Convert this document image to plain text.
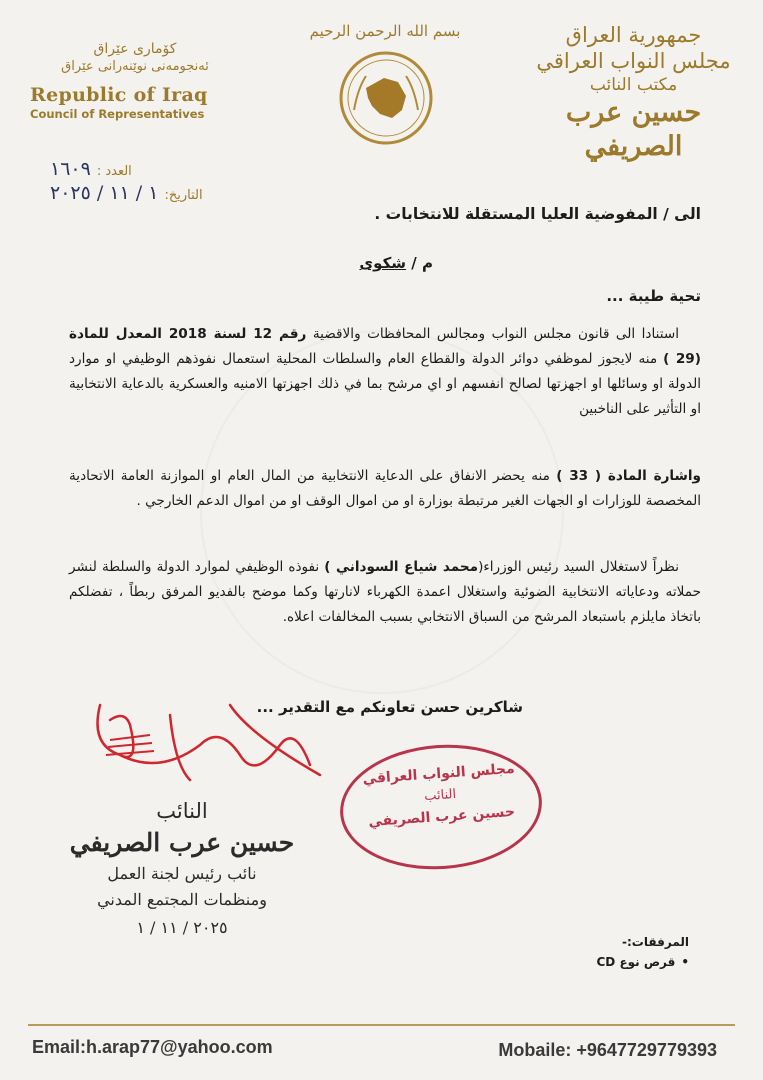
جمهورية العراق
مجلس النواب العراقي
مكتب النائب
حسين عرب الصريفي
بسم الله الرحمن الرحيم
كۆماری عێراق
ئەنجومەنی نوێنەرانی عێراق
Republic of Iraq
Council of Representatives
العدد :
١٦٠٩
التاريخ:
١ / ١١ / ٢٠٢٥
الى / المفوضية العليا المستقلة للانتخابات .
م / شكوى
تحية طيبة ...
استنادا الى قانون مجلس النواب ومجالس المحافظات والاقضية رقم 12 لسنة 2018 المعدل للمادة (29 ) منه لايجوز لموظفي دوائر الدولة والقطاع العام والسلطات المحلية استعمال نفوذهم الوظيفي او موارد الدولة او وسائلها او اجهزتها لصالح انفسهم او اي مرشح بما في ذلك اجهزتها الامنيه والعسكرية بالدعاية الانتخابية او التأثير على الناخبين
واشارة المادة ( 33 ) منه يحضر الانفاق على الدعاية الانتخابية من المال العام او الموازنة العامة الاتحادية المخصصة للوزارات او الجهات الغير مرتبطة بوزارة او من اموال الوقف او من اموال الدعم الخارجي .
نظراً لاستغلال السيد رئيس الوزراء(محمد شياع السوداني ) نفوذه الوظيفي لموارد الدولة والسلطة لنشر حملاته ودعاياته الانتخابية الضوئية واستغلال اعمدة الكهرباء لانارتها وكما موضح بالفديو المرفق ربطاً ، تفضلكم باتخاذ مايلزم باستبعاد المرشح من السباق الانتخابي بسبب المخالفات اعلاه.
شاكرين حسن تعاونكم مع التقدير ...
مجلس النواب العراقي
النائب
حسين عرب الصريفي
النائب
حسين عرب الصريفي
نائب رئيس لجنة العمل
ومنظمات المجتمع المدني
٢٠٢٥ / ١١ / ١
المرفقات:-
•قرص نوع CD
Email:h.arap77@yahoo.com	Mobaile: +9647729779393
